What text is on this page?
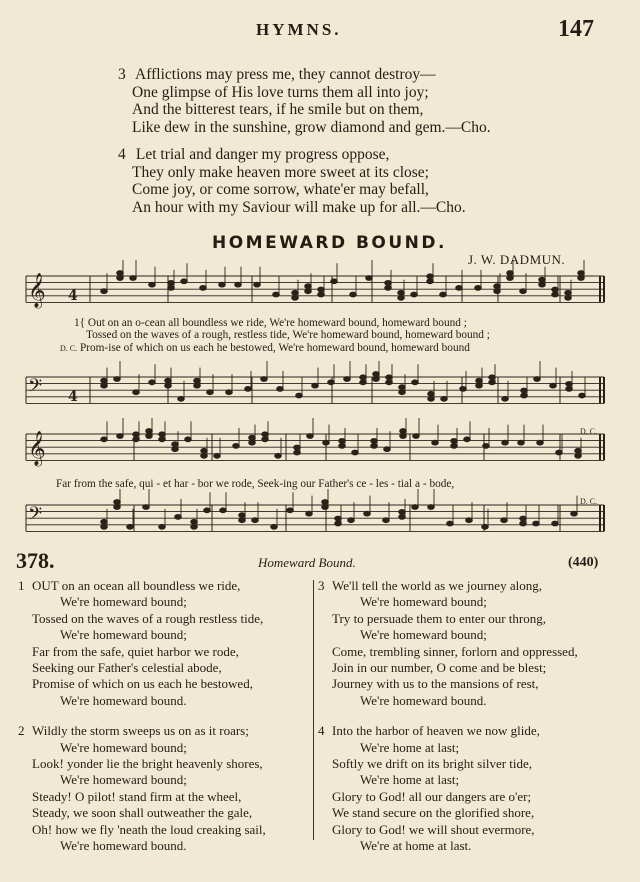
HYMNS.	147
3 Afflictions may press me, they cannot destroy—
One glimpse of His love turns them all into joy;
And the bitterest tears, if he smile but on them,
Like dew in the sunshine, grow diamond and gem.—Cho.
4 Let trial and danger my progress oppose,
They only make heaven more sweet at its close;
Come joy, or come sorrow, whate'er may befall,
An hour with my Saviour will make up for all.—Cho.
HOMEWARD BOUND.
J. W. DADMUN.
𝄞
𝄢
𝄞
𝄢
4
4
1{ Out on an o-cean all boundless we ride, We're homeward bound, homeward bound ;
Tossed on the waves of a rough, restless tide, We're homeward bound, homeward bound ;
D. C. Prom-ise of which on us each he bestowed, We're homeward bound, homeward bound
D. C.
Far from the safe, qui - et har - bor we rode, Seek-ing our Father's ce - les - tial a - bode,
D. C.
378.	Homeward Bound.	(440)
1 OUT on an ocean all boundless we ride,
We're homeward bound;
Tossed on the waves of a rough restless tide,
We're homeward bound;
Far from the safe, quiet harbor we rode,
Seeking our Father's celestial abode,
Promise of which on us each he bestowed,
We're homeward bound.
2 Wildly the storm sweeps us on as it roars;
We're homeward bound;
Look! yonder lie the bright heavenly shores,
We're homeward bound;
Steady! O pilot! stand firm at the wheel,
Steady, we soon shall outweather the gale,
Oh! how we fly 'neath the loud creaking sail,
We're homeward bound.
3 We'll tell the world as we journey along,
We're homeward bound;
Try to persuade them to enter our throng,
We're homeward bound;
Come, trembling sinner, forlorn and oppressed,
Join in our number, O come and be blest;
Journey with us to the mansions of rest,
We're homeward bound.
4 Into the harbor of heaven we now glide,
We're home at last;
Softly we drift on its bright silver tide,
We're home at last;
Glory to God! all our dangers are o'er;
We stand secure on the glorified shore,
Glory to God! we will shout evermore,
We're at home at last.
